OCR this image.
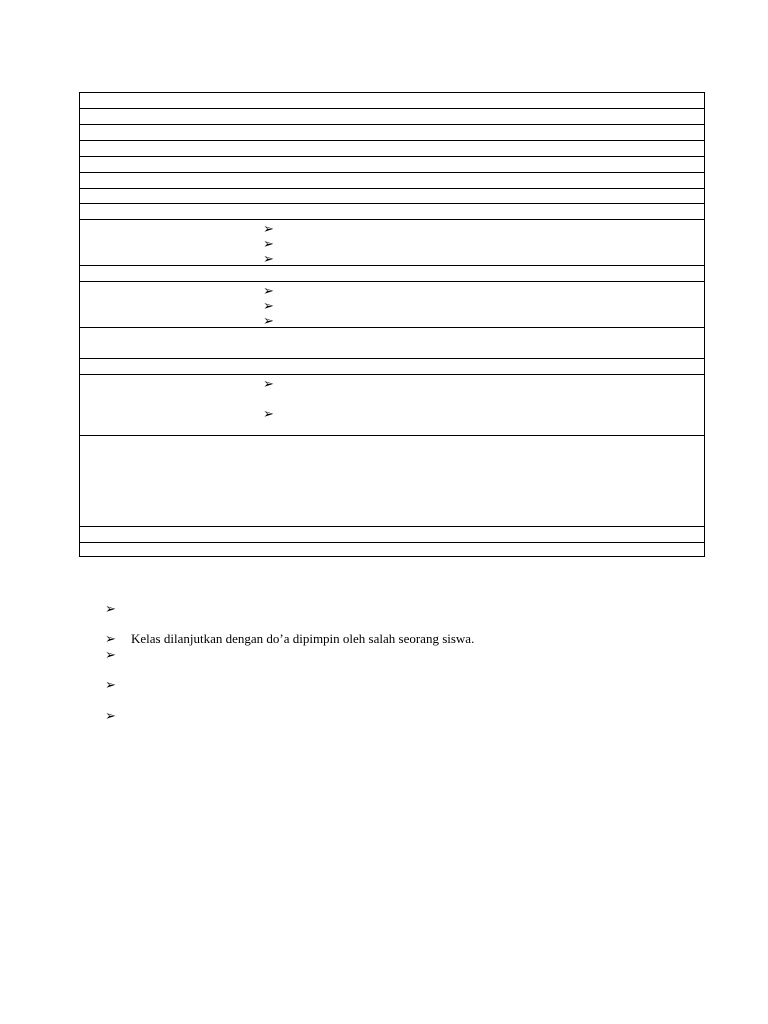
➢
➢
➢
➢
➢
➢
➢
➢
➢
➢ Kelas dilanjutkan dengan do’a dipimpin oleh salah seorang siswa.
➢
➢
➢
